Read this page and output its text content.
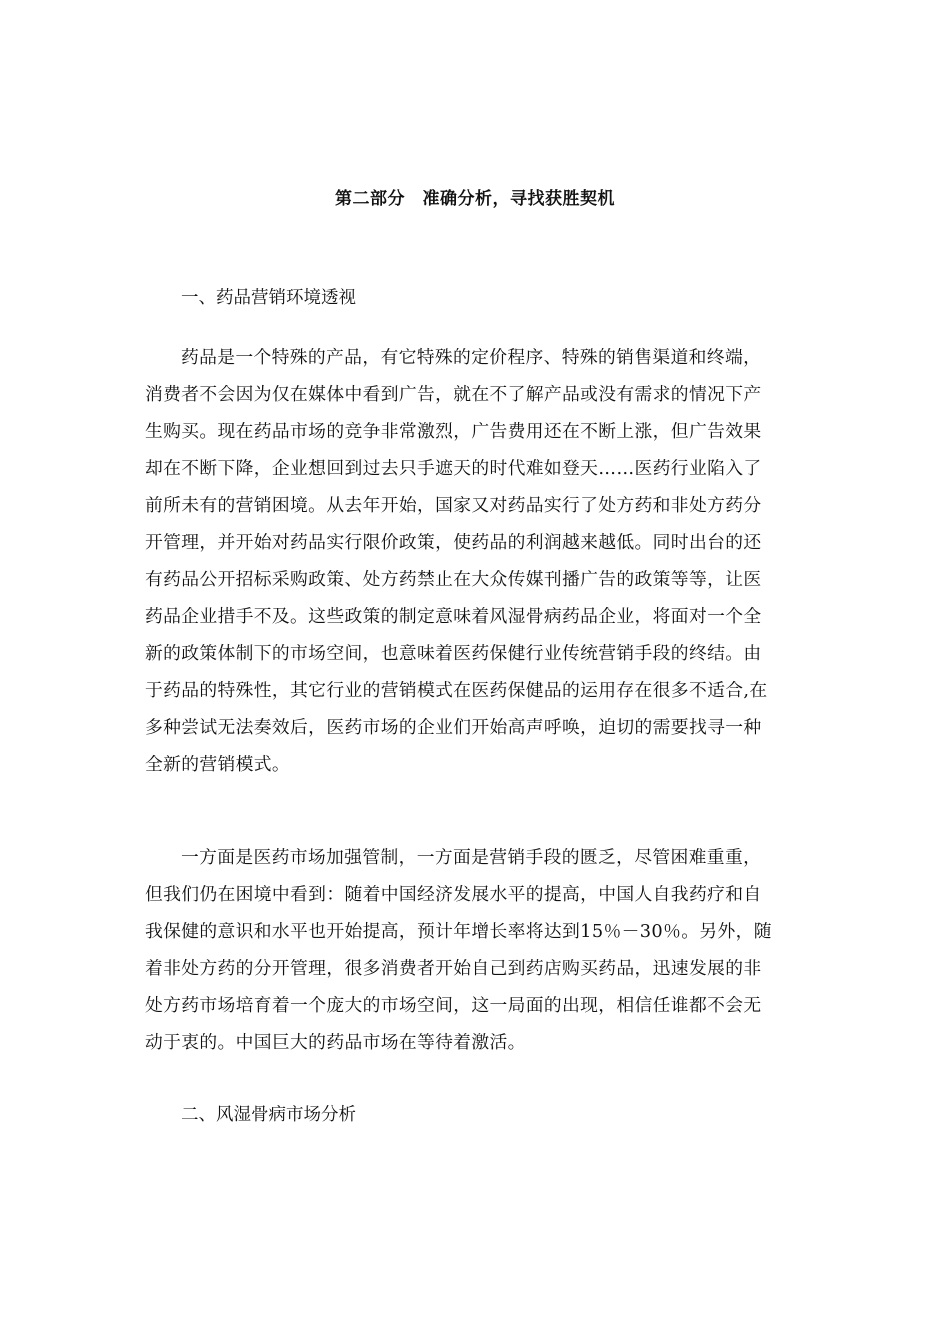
第二部分　准确分析，寻找获胜契机
一、药品营销环境透视
药品是一个特殊的产品，有它特殊的定价程序、特殊的销售渠道和终端，
消费者不会因为仅在媒体中看到广告，就在不了解产品或没有需求的情况下产
生购买。现在药品市场的竞争非常激烈，广告费用还在不断上涨，但广告效果
却在不断下降，企业想回到过去只手遮天的时代难如登天……医药行业陷入了
前所未有的营销困境。从去年开始，国家又对药品实行了处方药和非处方药分
开管理，并开始对药品实行限价政策，使药品的利润越来越低。同时出台的还
有药品公开招标采购政策、处方药禁止在大众传媒刊播广告的政策等等，让医
药品企业措手不及。这些政策的制定意味着风湿骨病药品企业，将面对一个全
新的政策体制下的市场空间，也意味着医药保健行业传统营销手段的终结。由
于药品的特殊性，其它行业的营销模式在医药保健品的运用存在很多不适合,在
多种尝试无法奏效后，医药市场的企业们开始高声呼唤，迫切的需要找寻一种
全新的营销模式。
一方面是医药市场加强管制，一方面是营销手段的匮乏，尽管困难重重，
但我们仍在困境中看到：随着中国经济发展水平的提高，中国人自我药疗和自
我保健的意识和水平也开始提高，预计年增长率将达到15％－30％。另外，随
着非处方药的分开管理，很多消费者开始自己到药店购买药品，迅速发展的非
处方药市场培育着一个庞大的市场空间，这一局面的出现，相信任谁都不会无
动于衷的。中国巨大的药品市场在等待着激活。
二、风湿骨病市场分析
